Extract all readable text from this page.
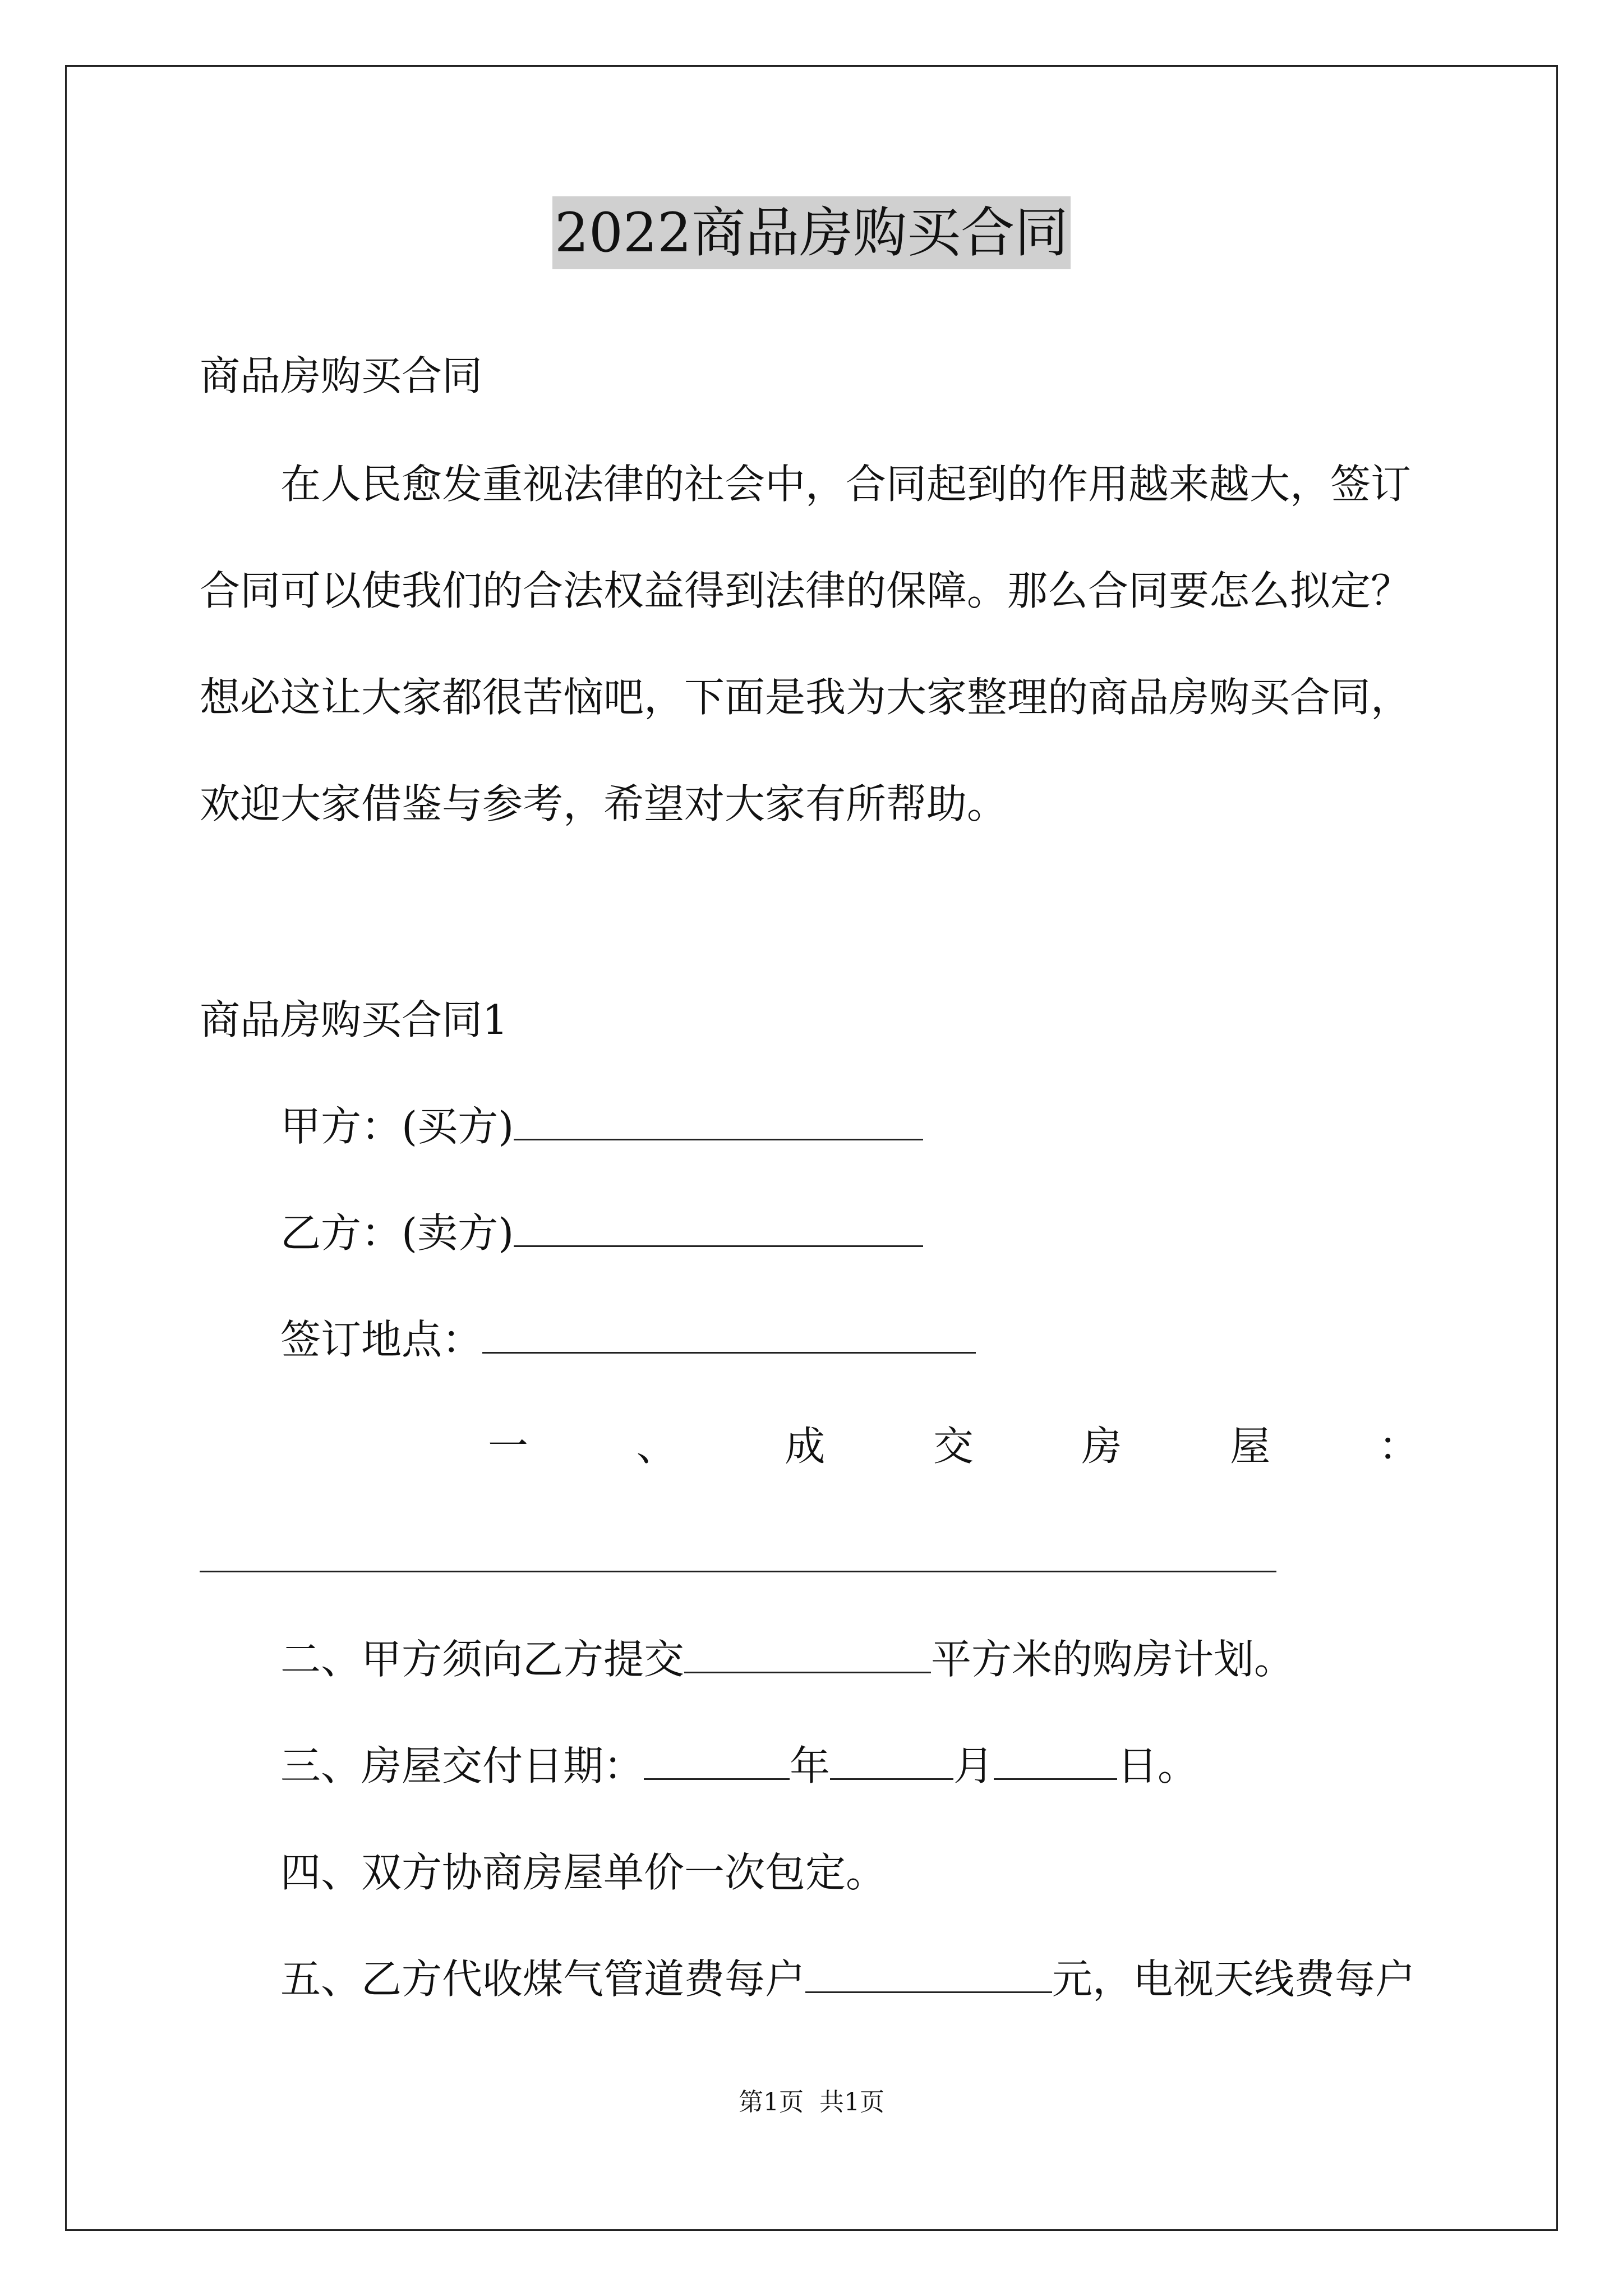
2022商品房购买合同
商品房购买合同
在人民愈发重视法律的社会中，合同起到的作用越来越大，签订
合同可以使我们的合法权益得到法律的保障。那么合同要怎么拟定？
想必这让大家都很苦恼吧，下面是我为大家整理的商品房购买合同，
欢迎大家借鉴与参考，希望对大家有所帮助。
商品房购买合同1
甲方：(买方)
乙方：(卖方)
签订地点：
一	、	成	交	房	屋	：
二、甲方须向乙方提交	平方米的购房计划。
三、房屋交付日期：	年	月	日。
四、双方协商房屋单价一次包定。
五、乙方代收煤气管道费每户	元，电视天线费每户
第1页 共1页
